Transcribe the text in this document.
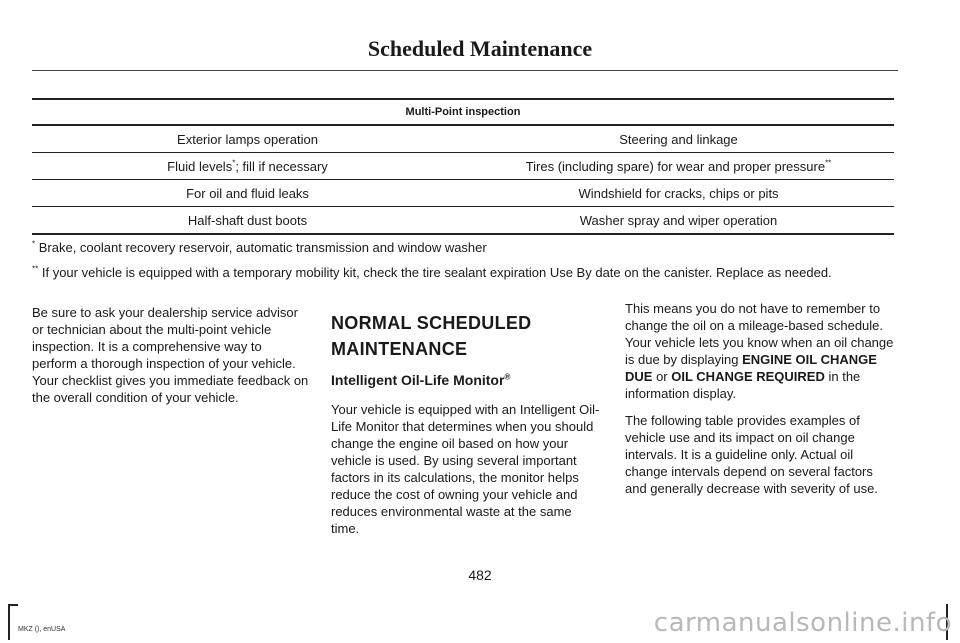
Scheduled Maintenance
Multi-Point inspection	
Exterior lamps operation	Steering and linkage
Fluid levels*; fill if necessary	Tires (including spare) for wear and proper pressure**
For oil and fluid leaks	Windshield for cracks, chips or pits
Half-shaft dust boots	Washer spray and wiper operation
* Brake, coolant recovery reservoir, automatic transmission and window washer
** If your vehicle is equipped with a temporary mobility kit, check the tire sealant expiration Use By date on the canister. Replace as needed.

Be sure to ask your dealership service advisor or technician about the multi-point vehicle inspection. It is a comprehensive way to perform a thorough inspection of your vehicle. Your checklist gives you immediate feedback on the overall condition of your vehicle.

NORMAL SCHEDULED
MAINTENANCE
Intelligent Oil-Life Monitor®

Your vehicle is equipped with an Intelligent Oil-Life Monitor that determines when you should change the engine oil based on how your vehicle is used. By using several important factors in its calculations, the monitor helps reduce the cost of owning your vehicle and reduces environmental waste at the same time.

This means you do not have to remember to change the oil on a mileage-based schedule. Your vehicle lets you know when an oil change is due by displaying ENGINE OIL CHANGE DUE or OIL CHANGE REQUIRED in the information display.

The following table provides examples of vehicle use and its impact on oil change intervals. It is a guideline only. Actual oil change intervals depend on several factors and generally decrease with severity of use.

482
MKZ (), enUSA	carmanualsonline.info
